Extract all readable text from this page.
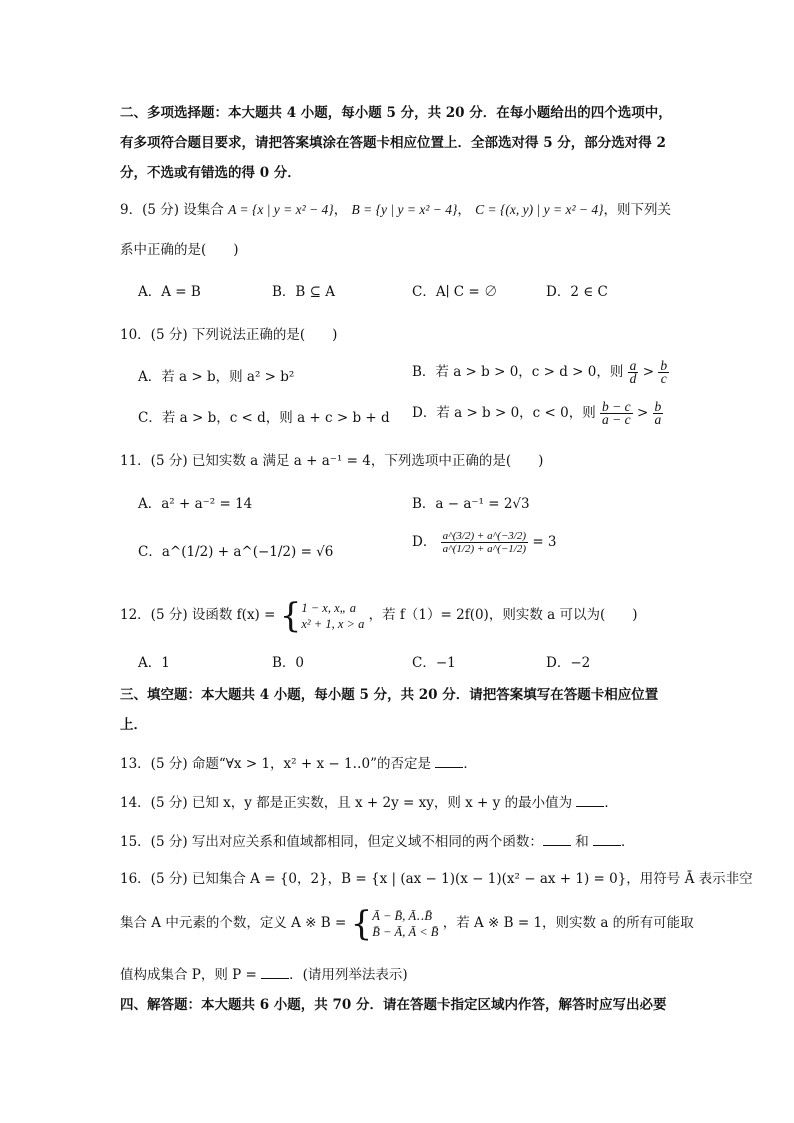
二、多项选择题：本大题共 4 小题，每小题 5 分，共 20 分．在每小题给出的四个选项中，
有多项符合题目要求，请把答案填涂在答题卡相应位置上．全部选对得 5 分，部分选对得 2
分，不选或有错选的得 0 分．
9．(5 分) 设集合 A = {x | y = x² − 4}， B = {y | y = x² − 4}， C = {(x, y) | y = x² − 4}，则下列关
系中正确的是(　　)
A．A = B	B．B ⊆ A	C．A∣ C = ∅	D．2 ∈ C
10．(5 分) 下列说法正确的是(　　)
A．若 a > b，则 a² > b²	B．若 a > b > 0，c > d > 0，则 $\frac{a}{d} > \frac{b}{c}$
C．若 a > b，c < d，则 a + c > b + d D．若 a > b > 0，c < 0，则 $\frac{b - c}{a - c} > \frac{b}{a}$
11．(5 分) 已知实数 a 满足 a + a⁻¹ = 4，下列选项中正确的是(　　)
A．a² + a⁻² = 14	B．a − a⁻¹ = 2√3
C．a^(1/2) + a^(−1/2) = √6
D． $\frac{a\^{}(3/2) + a\^{}(-3/2)}{a\^{}(1/2) + a\^{}(-1/2)} = 3$
12．(5 分) 设函数 f(x) = { 1 − x, x„ a
x² + 1, x > a
，若 f（1）= 2f(0)，则实数 a 可以为(　　)
A．1	B．0	C．−1	D．−2
三、填空题：本大题共 4 小题，每小题 5 分，共 20 分．请把答案填写在答题卡相应位置
上．
13．(5 分) 命题“∀x > 1，x² + x − 1‥0”的否定是 ．
14．(5 分) 已知 x，y 都是正实数，且 x + 2y = xy，则 x + y 的最小值为 ．
15．(5 分) 写出对应关系和值域都相同，但定义域不相同的两个函数： 和 ．
16．(5 分) 已知集合 A = {0，2}，B = {x | (ax − 1)(x − 1)(x² − ax + 1) = 0}，用符号 Ā 表示非空
集合 A 中元素的个数，定义 A ※ B = { Ā − B̄, Ā‥B̄
B̄ − Ā, Ā < B̄
，若 A ※ B = 1，则实数 a 的所有可能取
值构成集合 P，则 P = ．(请用列举法表示)
四、解答题：本大题共 6 小题，共 70 分．请在答题卡指定区域内作答，解答时应写出必要
